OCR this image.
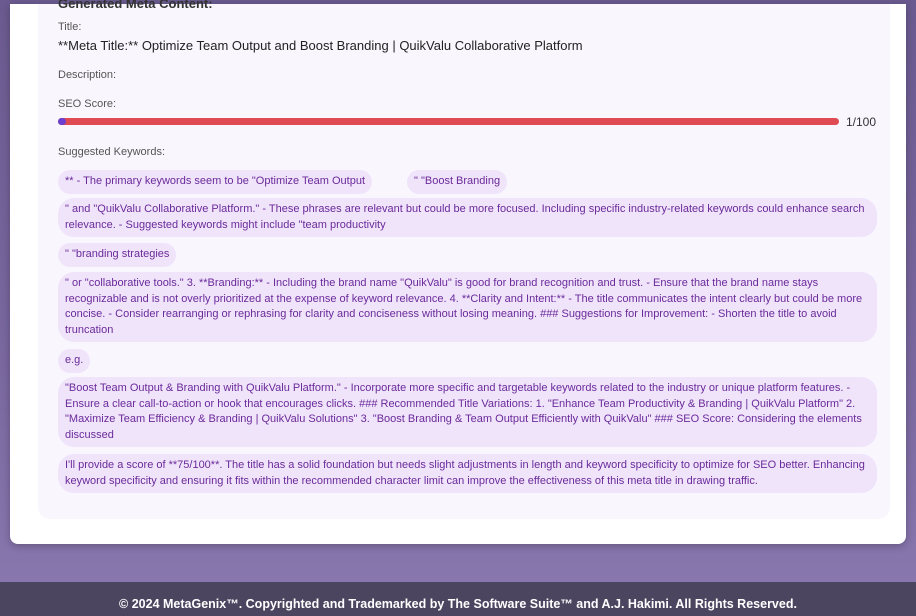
Generated Meta Content:
Title:
**Meta Title:** Optimize Team Output and Boost Branding | QuikValu Collaborative Platform
Description:
SEO Score:
1/100
Suggested Keywords:
** - The primary keywords seem to be "Optimize Team Output	" "Boost Branding
" and "QuikValu Collaborative Platform." - These phrases are relevant but could be more focused. Including specific industry-related keywords could enhance search relevance. - Suggested keywords might include "team productivity
" "branding strategies
" or "collaborative tools." 3. **Branding:** - Including the brand name "QuikValu" is good for brand recognition and trust. - Ensure that the brand name stays recognizable and is not overly prioritized at the expense of keyword relevance. 4. **Clarity and Intent:** - The title communicates the intent clearly but could be more concise. - Consider rearranging or rephrasing for clarity and conciseness without losing meaning. ### Suggestions for Improvement: - Shorten the title to avoid truncation
e.g.
"Boost Team Output & Branding with QuikValu Platform." - Incorporate more specific and targetable keywords related to the industry or unique platform features. - Ensure a clear call-to-action or hook that encourages clicks. ### Recommended Title Variations: 1. "Enhance Team Productivity & Branding | QuikValu Platform" 2. "Maximize Team Efficiency & Branding | QuikValu Solutions" 3. "Boost Branding & Team Output Efficiently with QuikValu" ### SEO Score: Considering the elements discussed
I'll provide a score of **75/100**. The title has a solid foundation but needs slight adjustments in length and keyword specificity to optimize for SEO better. Enhancing keyword specificity and ensuring it fits within the recommended character limit can improve the effectiveness of this meta title in drawing traffic.
© 2024 MetaGenix™. Copyrighted and Trademarked by The Software Suite™ and A.J. Hakimi. All Rights Reserved.
